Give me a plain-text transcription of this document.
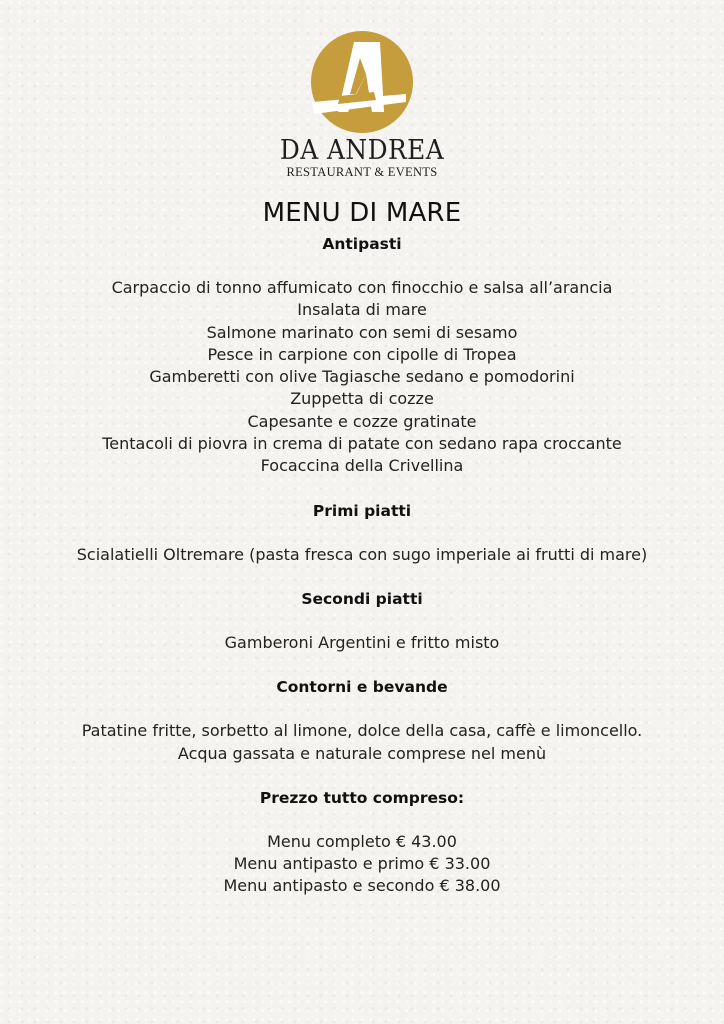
DA ANDREA
RESTAURANT & EVENTS
MENU DI MARE
Antipasti
Carpaccio di tonno affumicato con finocchio e salsa all’arancia
Insalata di mare
Salmone marinato con semi di sesamo
Pesce in carpione con cipolle di Tropea
Gamberetti con olive Tagiasche sedano e pomodorini
Zuppetta di cozze
Capesante e cozze gratinate
Tentacoli di piovra in crema di patate con sedano rapa croccante
Focaccina della Crivellina
Primi piatti
Scialatielli Oltremare (pasta fresca con sugo imperiale ai frutti di mare)
Secondi piatti
Gamberoni Argentini e fritto misto
Contorni e bevande
Patatine fritte, sorbetto al limone, dolce della casa, caffè e limoncello.
Acqua gassata e naturale comprese nel menù
Prezzo tutto compreso:
Menu completo € 43.00
Menu antipasto e primo € 33.00
Menu antipasto e secondo € 38.00
